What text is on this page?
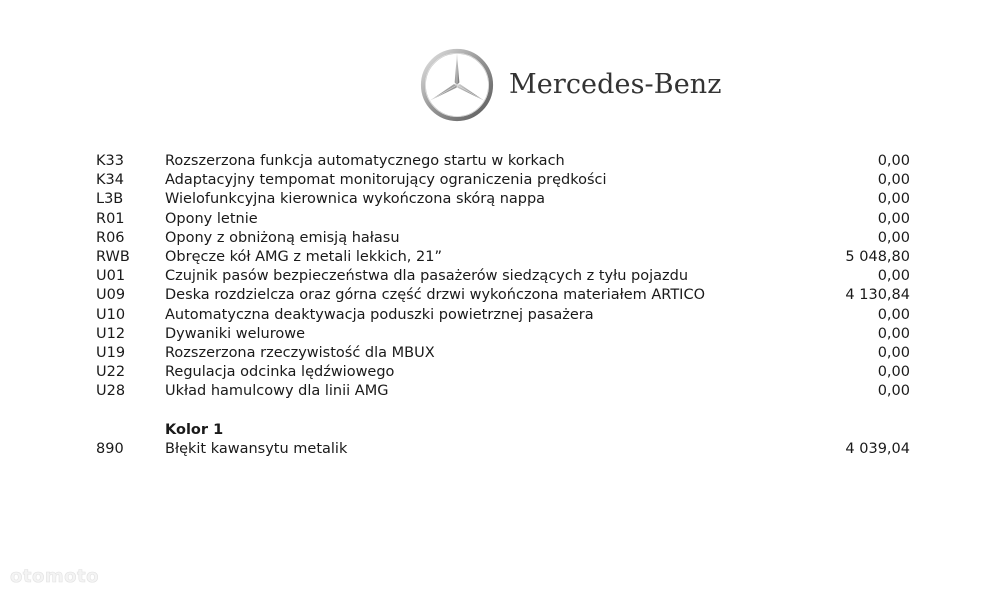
Mercedes-Benz
K33	Rozszerzona funkcja automatycznego startu w korkach	0,00
K34	Adaptacyjny tempomat monitorujący ograniczenia prędkości	0,00
L3B	Wielofunkcyjna kierownica wykończona skórą nappa	0,00
R01	Opony letnie	0,00
R06	Opony z obniżoną emisją hałasu	0,00
RWB Obręcze kół AMG z metali lekkich, 21”	5 048,80
U01	Czujnik pasów bezpieczeństwa dla pasażerów siedzących z tyłu pojazdu	0,00
U09	Deska rozdzielcza oraz górna część drzwi wykończona materiałem ARTICO	4 130,84
U10	Automatyczna deaktywacja poduszki powietrznej pasażera	0,00
U12	Dywaniki welurowe	0,00
U19	Rozszerzona rzeczywistość dla MBUX	0,00
U22	Regulacja odcinka lędźwiowego	0,00
U28	Układ hamulcowy dla linii AMG	0,00
Kolor 1
890	Błękit kawansytu metalik	4 039,04
otomoto
